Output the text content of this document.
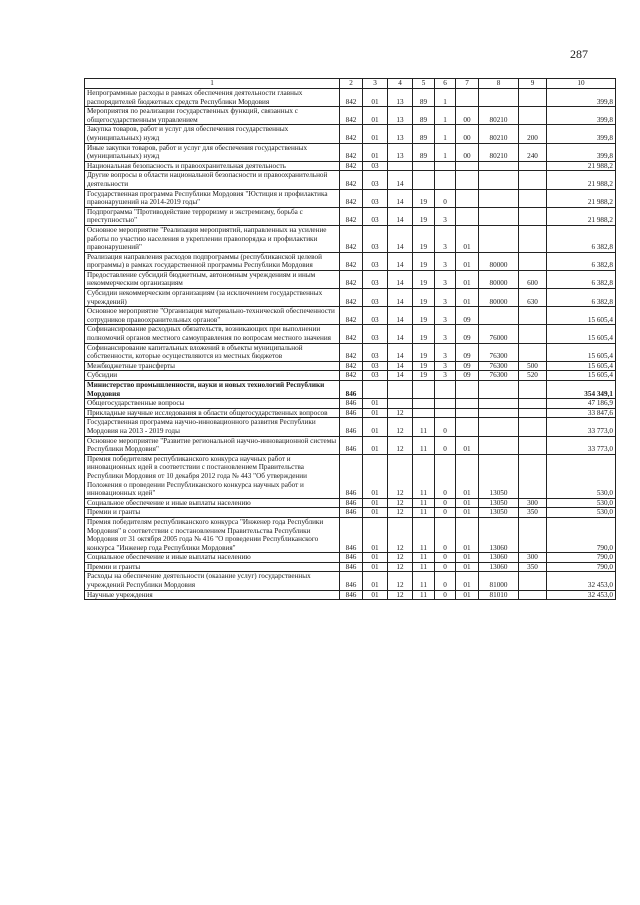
287
1	2	3	4	5	6	7	8	9	10
Непрограммные расходы в рамках обеспечения деятельности главных распорядителей бюджетных средств Республики Мордовия	842	01	13	89	1				399,8
Мероприятия по реализации государственных функций, связанных с общегосударственным управлением	842	01	13	89	1	00	80210		399,8
Закупка товаров, работ и услуг для обеспечения государственных (муниципальных) нужд	842	01	13	89	1	00	80210	200	399,8
Иные закупки товаров, работ и услуг для обеспечения государственных (муниципальных) нужд	842	01	13	89	1	00	80210	240	399,8
Национальная безопасность и правоохранительная деятельность	842	03							21 988,2
Другие вопросы в области национальной безопасности и правоохранительной деятельности	842	03	14						21 988,2
Государственная программа Республики Мордовия "Юстиция и профилактика правонарушений на 2014-2019 годы"	842	03	14	19	0				21 988,2
Подпрограмма "Противодействие терроризму и экстремизму, борьба с преступностью"	842	03	14	19	3				21 988,2
Основное мероприятие "Реализация мероприятий, направленных на усиление работы по участию населения в укреплении правопорядка и профилактики правонарушений"	842	03	14	19	3	01			6 382,8
Реализация направления расходов подпрограммы (республиканской целевой программы) в рамках государственной программы Республики Мордовия	842	03	14	19	3	01	80000		6 382,8
Предоставление субсидий бюджетным, автономным учреждениям и иным некоммерческим организациям	842	03	14	19	3	01	80000	600	6 382,8
Субсидии некоммерческим организациям (за исключением государственных учреждений)	842	03	14	19	3	01	80000	630	6 382,8
Основное мероприятие "Организация материально-технической обеспеченности сотрудников правоохранительных органов"	842	03	14	19	3	09			15 605,4
Софинансирование расходных обязательств, возникающих при выполнении полномочий органов местного самоуправления по вопросам местного значения	842	03	14	19	3	09	76000		15 605,4
Софинансирование капитальных вложений в объекты муниципальной собственности, которые осуществляются из местных бюджетов	842	03	14	19	3	09	76300		15 605,4
Межбюджетные трансферты	842	03	14	19	3	09	76300	500	15 605,4
Субсидии	842	03	14	19	3	09	76300	520	15 605,4
Министерство промышленности, науки и новых технологий Республики Мордовия	846								354 349,1
Общегосударственные вопросы	846	01							47 186,9
Прикладные научные исследования в области общегосударственных вопросов	846	01	12						33 847,6
Государственная программа научно-инновационного развития Республики Мордовия на 2013 - 2019 годы	846	01	12	11	0				33 773,0
Основное мероприятие "Развитие региональной научно-инновационной системы Республики Мордовия"	846	01	12	11	0	01			33 773,0
Премия победителям республиканского конкурса научных работ и инновационных идей в соответствии с постановлением Правительства Республики Мордовия от 10 декабря 2012 года № 443 "Об утверждении Положения о проведении Республиканского конкурса научных работ и инновационных идей"	846	01	12	11	0	01	13050		530,0
Социальное обеспечение и иные выплаты населению	846	01	12	11	0	01	13050	300	530,0
Премии и гранты	846	01	12	11	0	01	13050	350	530,0
Премия победителям республиканского конкурса "Инженер года Республики Мордовия" в соответствии с постановлением Правительства Республики Мордовия от 31 октября 2005 года № 416 "О проведении Республиканского конкурса "Инженер года Республики Мордовия"	846	01	12	11	0	01	13060		790,0
Социальное обеспечение и иные выплаты населению	846	01	12	11	0	01	13060	300	790,0
Премии и гранты	846	01	12	11	0	01	13060	350	790,0
Расходы на обеспечение деятельности (оказание услуг) государственных учреждений Республики Мордовия	846	01	12	11	0	01	81000		32 453,0
Научные учреждения	846	01	12	11	0	01	81010		32 453,0
